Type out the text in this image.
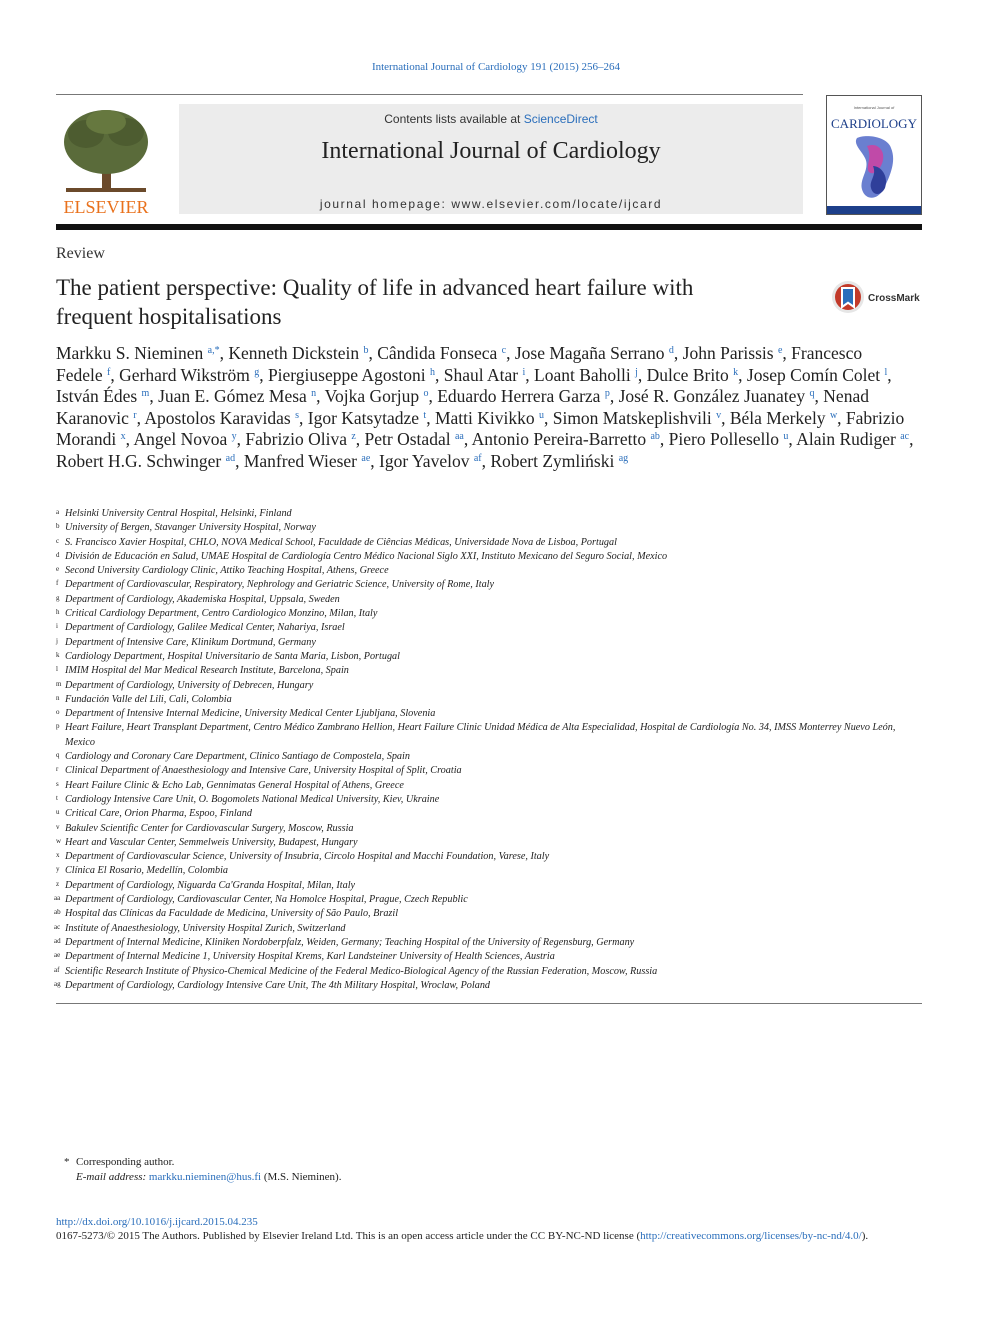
International Journal of Cardiology 191 (2015) 256–264
ELSEVIER
Contents lists available at ScienceDirect
International Journal of Cardiology
journal homepage: www.elsevier.com/locate/ijcard
International Journal of
CARDIOLOGY
Review
The patient perspective: Quality of life in advanced heart failure with
frequent hospitalisations
CrossMark
Markku S. Nieminen $^{a,*}$, Kenneth Dickstein $^b$, Cândida Fonseca $^c$, Jose Magaña Serrano $^d$, John Parissis $^e$, Francesco Fedele $^f$, Gerhard Wikström $^g$, Piergiuseppe Agostoni $^h$, Shaul Atar $^i$, Loant Baholli $^j$, Dulce Brito $^k$, Josep Comín Colet $^l$, István Édes $^m$, Juan E. Gómez Mesa $^n$, Vojka Gorjup $^o$, Eduardo Herrera Garza $^p$, José R. González Juanatey $^q$, Nenad Karanovic $^r$, Apostolos Karavidas $^s$, Igor Katsytadze $^t$, Matti Kivikko $^u$, Simon Matskeplishvili $^v$, Béla Merkely $^w$, Fabrizio Morandi $^x$, Angel Novoa $^y$, Fabrizio Oliva $^z$, Petr Ostadal $^{aa}$, Antonio Pereira-Barretto $^{ab}$, Piero Pollesello $^u$, Alain Rudiger $^{ac}$, Robert H.G. Schwinger $^{ad}$, Manfred Wieser $^{ae}$, Igor Yavelov $^{af}$, Robert Zymliński $^{ag}$
a Helsinki University Central Hospital, Helsinki, Finland
b University of Bergen, Stavanger University Hospital, Norway
c S. Francisco Xavier Hospital, CHLO, NOVA Medical School, Faculdade de Ciências Médicas, Universidade Nova de Lisboa, Portugal
d División de Educación en Salud, UMAE Hospital de Cardiología Centro Médico Nacional Siglo XXI, Instituto Mexicano del Seguro Social, Mexico
e Second University Cardiology Clinic, Attiko Teaching Hospital, Athens, Greece
f Department of Cardiovascular, Respiratory, Nephrology and Geriatric Science, University of Rome, Italy
g Department of Cardiology, Akademiska Hospital, Uppsala, Sweden
h Critical Cardiology Department, Centro Cardiologico Monzino, Milan, Italy
i Department of Cardiology, Galilee Medical Center, Nahariya, Israel
j Department of Intensive Care, Klinikum Dortmund, Germany
k Cardiology Department, Hospital Universitario de Santa Maria, Lisbon, Portugal
l IMIM Hospital del Mar Medical Research Institute, Barcelona, Spain
m Department of Cardiology, University of Debrecen, Hungary
n Fundación Valle del Lili, Cali, Colombia
o Department of Intensive Internal Medicine, University Medical Center Ljubljana, Slovenia
p Heart Failure, Heart Transplant Department, Centro Médico Zambrano Hellion, Heart Failure Clinic Unidad Médica de Alta Especialidad, Hospital de Cardiología No. 34, IMSS Monterrey Nuevo León, Mexico
q Cardiology and Coronary Care Department, Clinico Santiago de Compostela, Spain
r Clinical Department of Anaesthesiology and Intensive Care, University Hospital of Split, Croatia
s Heart Failure Clinic & Echo Lab, Gennimatas General Hospital of Athens, Greece
t Cardiology Intensive Care Unit, O. Bogomolets National Medical University, Kiev, Ukraine
u Critical Care, Orion Pharma, Espoo, Finland
v Bakulev Scientific Center for Cardiovascular Surgery, Moscow, Russia
w Heart and Vascular Center, Semmelweis University, Budapest, Hungary
x Department of Cardiovascular Science, University of Insubria, Circolo Hospital and Macchi Foundation, Varese, Italy
y Clínica El Rosario, Medellín, Colombia
z Department of Cardiology, Niguarda Ca'Granda Hospital, Milan, Italy
aa Department of Cardiology, Cardiovascular Center, Na Homolce Hospital, Prague, Czech Republic
ab Hospital das Clínicas da Faculdade de Medicina, University of São Paulo, Brazil
ac Institute of Anaesthesiology, University Hospital Zurich, Switzerland
ad Department of Internal Medicine, Kliniken Nordoberpfalz, Weiden, Germany; Teaching Hospital of the University of Regensburg, Germany
ae Department of Internal Medicine 1, University Hospital Krems, Karl Landsteiner University of Health Sciences, Austria
af Scientific Research Institute of Physico-Chemical Medicine of the Federal Medico-Biological Agency of the Russian Federation, Moscow, Russia
ag Department of Cardiology, Cardiology Intensive Care Unit, The 4th Military Hospital, Wroclaw, Poland
* Corresponding author.
E-mail address: markku.nieminen@hus.fi (M.S. Nieminen).
http://dx.doi.org/10.1016/j.ijcard.2015.04.235
0167-5273/© 2015 The Authors. Published by Elsevier Ireland Ltd. This is an open access article under the CC BY-NC-ND license (http://creativecommons.org/licenses/by-nc-nd/4.0/).
